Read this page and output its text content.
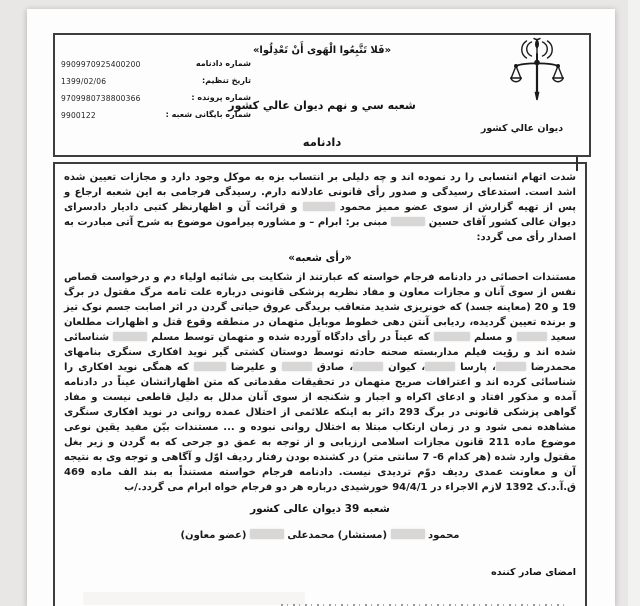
«فَلا تَتَّبِعُوا الْهَوی أَنْ تَعْدِلُوا»
شعبه سي و نهم ديوان عالي كشور
دادنامه
ديوان عالي كشور
شماره دادنامه
9909970925400200
تاریخ تنظیم:
1399/02/06
شماره پرونده :
9709980738800366
شماره بایگانی شعبه :
9900122

شدت اتهام انتسابی را رد نموده اند و چه دلیلی بر انتساب بزه به موکل وجود دارد و مجازات تعیین شده اشد است. استدعای رسیدگی و صدور رأی قانونی عادلانه دارم. رسیدگی فرجامی به این شعبه ارجاع و پس از تهیه گزارش از سوی عضو ممیز محمود  و قرائت آن و اظهارنظر کتبی دادیار دادسرای دیوان عالی کشور آقای حسین  مبنی بر: ابرام – و مشاوره پیرامون موضوع به شرح آتی مبادرت به اصدار رأی می گردد:

«رأی شعبه»

مستندات احصائی در دادنامه فرجام خواسته که عبارتند از شکایت بی شائبه اولیاء دم و درخواست قصاص نفس از سوی آنان و مجازات معاون و مفاد نظریه پزشکی قانونی درباره علت تامه مرگ مقتول در برگ 19 و 20 (معاینه جسد) که خونریزی شدید متعاقب بریدگی عروق حیاتی گردن در اثر اصابت جسم نوک تیز و برنده تعیین گردیده، ردیابی آنتن دهی خطوط موبایل متهمان در منطقه وقوع قتل و اظهارات مطلعان سعید  و مسلم  که عیناً در رأی دادگاه آورده شده و متهمان توسط مسلم  شناسائی شده اند و رؤیت فیلم مداربسته صحنه حادثه توسط دوستان کشتی گیر نوید افکاری سنگری بنامهای محمدرضا ، پارسا ، کیوان ، صادق  و علیرضا  که همگی نوید افکاری را شناسائی کرده اند و اعترافات صریح متهمان در تحقیقات مقدماتی که متن اظهاراتشان عیناً در دادنامه آمده و مذکور افتاد و ادعای اکراه و اجبار و شکنجه از سوی آنان مدلل به دلیل قاطعی نیست و مفاد گواهی پزشکی قانونی در برگ 293 دائر به اینکه علائمی از اختلال عمده روانی در نوید افکاری سنگری مشاهده نمی شود و در زمان ارتکاب مبتلا به اختلال روانی نبوده و ... مستندات بیّن مفید یقین نوعی موضوع ماده 211 قانون مجازات اسلامی ارزیابی و از توجه به عمق دو جرحی که به گردن و زیر بغل مقتول وارد شده (هر کدام 6- 7 سانتی متر) در کشنده بودن رفتار ردیف اوّل و آگاهی و توجه وی به نتیجه آن و معاونت عمدی ردیف دوّم تردیدی نیست. دادنامه فرجام خواسته مستنداً به بند الف ماده 469 ق.آ.د.ک 1392 لازم الاجراء در 94/4/1 خورشیدی درباره هر دو فرجام خواه ابرام می گردد./ب

شعبه 39 دیوان عالی کشور
محمود  (مستشار) محمدعلی  (عضو معاون)
امضای صادر کننده
